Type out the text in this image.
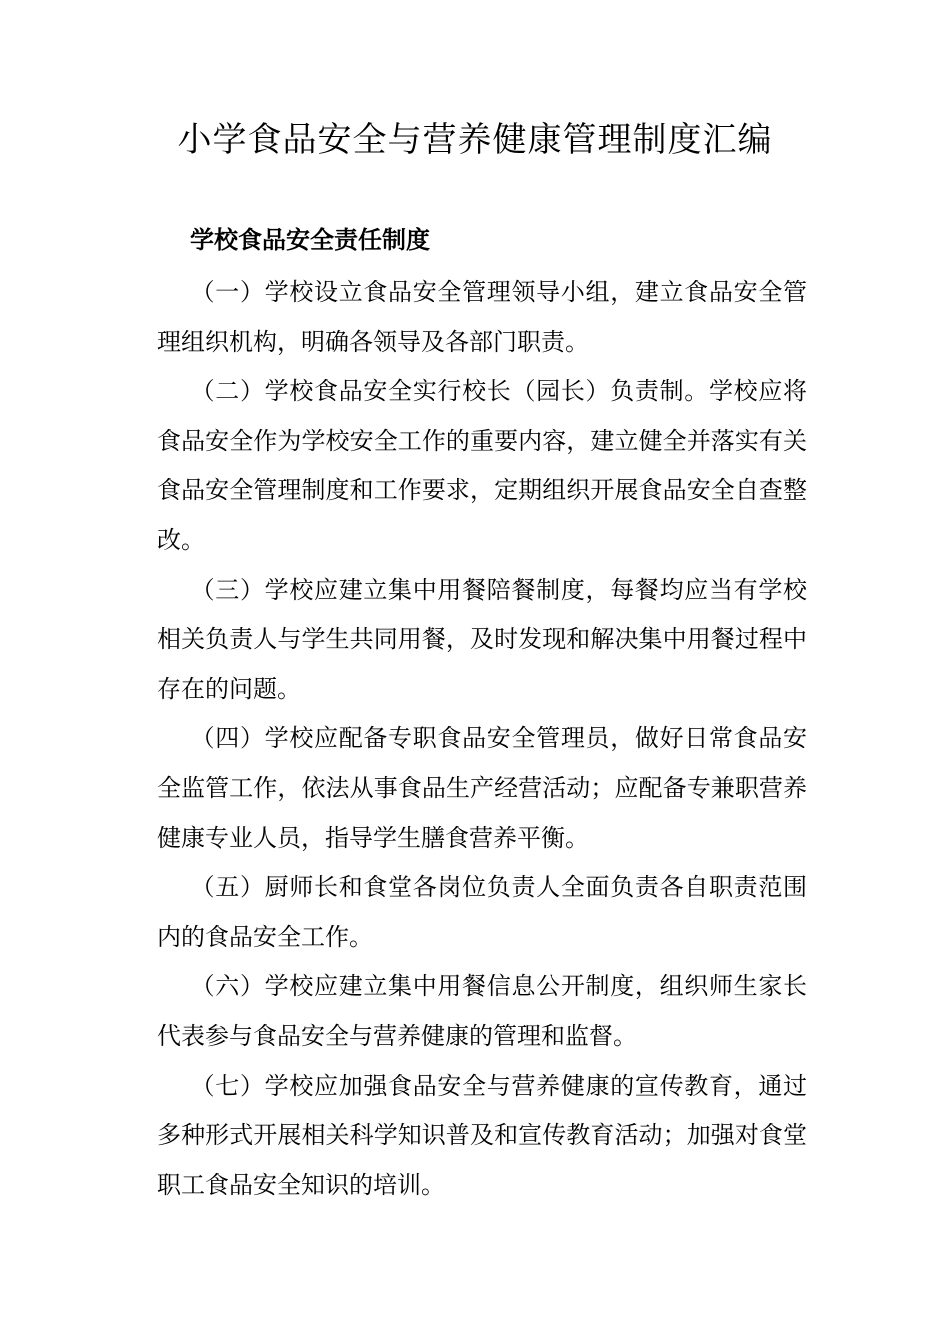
小学食品安全与营养健康管理制度汇编
学校食品安全责任制度

（一）学校设立食品安全管理领导小组，建立食品安全管理组织机构，明确各领导及各部门职责。

（二）学校食品安全实行校长（园长）负责制。学校应将食品安全作为学校安全工作的重要内容，建立健全并落实有关食品安全管理制度和工作要求，定期组织开展食品安全自查整改。

（三）学校应建立集中用餐陪餐制度，每餐均应当有学校相关负责人与学生共同用餐，及时发现和解决集中用餐过程中存在的问题。

（四）学校应配备专职食品安全管理员，做好日常食品安全监管工作，依法从事食品生产经营活动；应配备专兼职营养健康专业人员，指导学生膳食营养平衡。

（五）厨师长和食堂各岗位负责人全面负责各自职责范围内的食品安全工作。

（六）学校应建立集中用餐信息公开制度，组织师生家长代表参与食品安全与营养健康的管理和监督。

（七）学校应加强食品安全与营养健康的宣传教育，通过多种形式开展相关科学知识普及和宣传教育活动；加强对食堂职工食品安全知识的培训。
